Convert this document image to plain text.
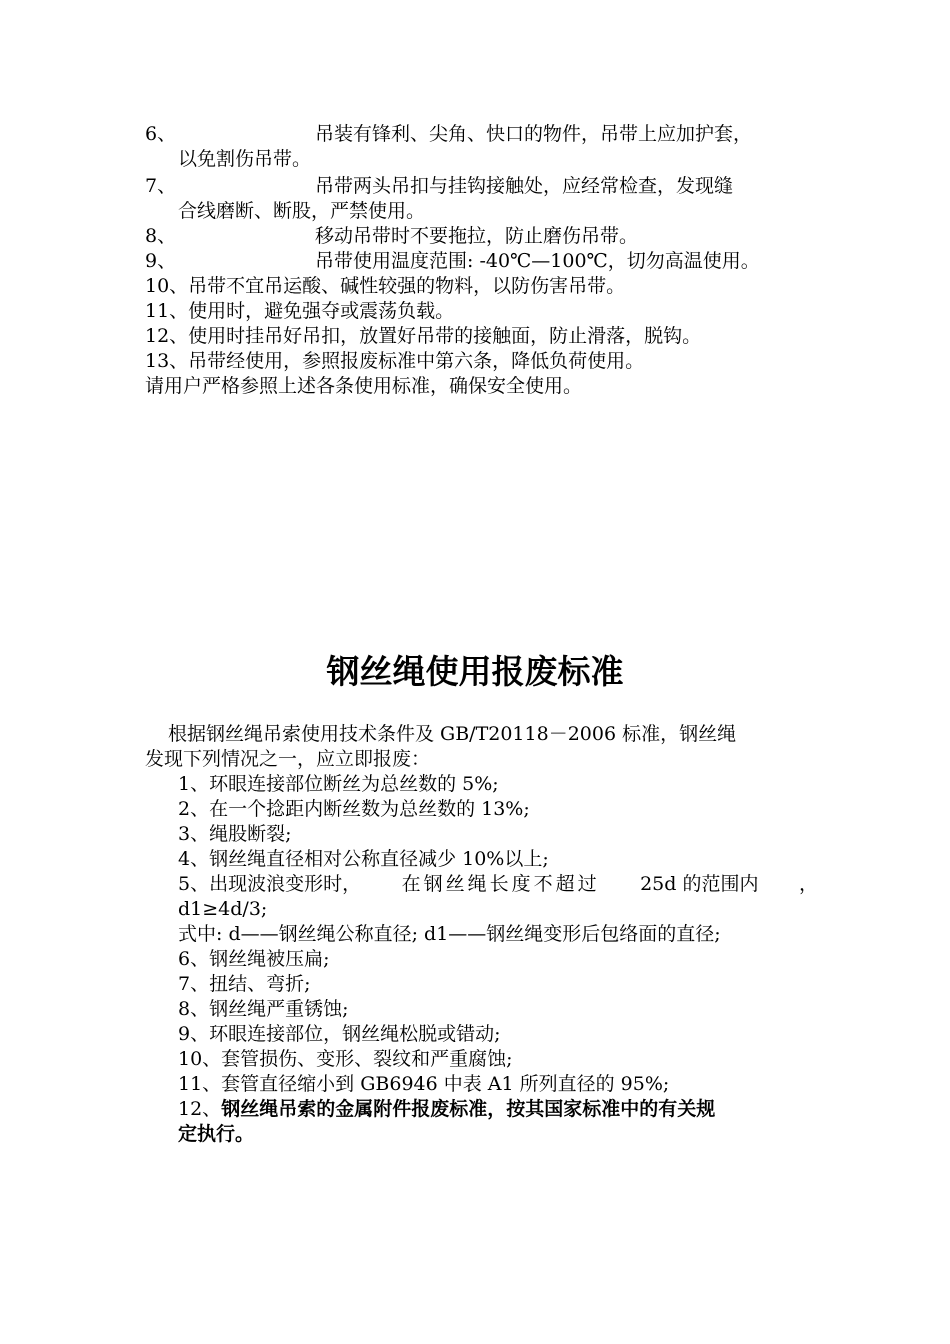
6、	吊装有锋利、尖角、快口的物件，吊带上应加护套，
以免割伤吊带。
7、	吊带两头吊扣与挂钩接触处，应经常检查，发现缝
合线磨断、断股，严禁使用。
8、	移动吊带时不要拖拉，防止磨伤吊带。
9、	吊带使用温度范围: -40℃—100℃，切勿高温使用。
10、吊带不宜吊运酸、碱性较强的物料，以防伤害吊带。
11、使用时，避免强夺或震荡负载。
12、使用时挂吊好吊扣，放置好吊带的接触面，防止滑落，脱钩。
13、吊带经使用，参照报废标准中第六条，降低负荷使用。
请用户严格参照上述各条使用标准，确保安全使用。
钢丝绳使用报废标准
根据钢丝绳吊索使用技术条件及 GB/T20118－2006 标准，钢丝绳
发现下列情况之一，应立即报废：
1、环眼连接部位断丝为总丝数的 5%;
2、在一个捻距内断丝数为总丝数的 13%;
3、绳股断裂;
4、钢丝绳直径相对公称直径减少 10%以上;
5、出现波浪变形时， 在钢丝绳长度不超过 25d 的范围内 ，
d1≥4d/3;
式中: d——钢丝绳公称直径; d1——钢丝绳变形后包络面的直径;
6、钢丝绳被压扁;
7、扭结、弯折;
8、钢丝绳严重锈蚀;
9、环眼连接部位，钢丝绳松脱或错动;
10、套管损伤、变形、裂纹和严重腐蚀;
11、套管直径缩小到 GB6946 中表 A1 所列直径的 95%;
12、钢丝绳吊索的金属附件报废标准，按其国家标准中的有关规
定执行。
